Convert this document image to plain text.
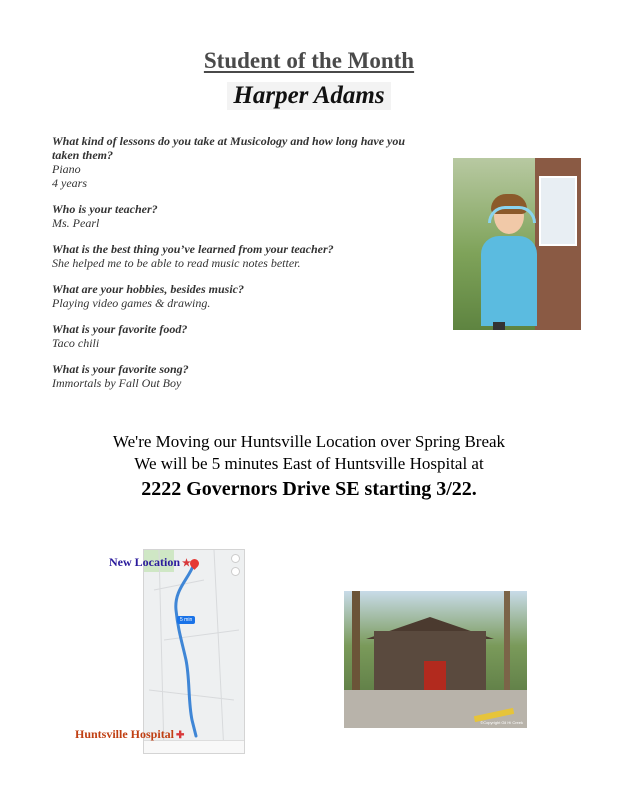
Student of the Month
Harper Adams
What kind of lessons do you take at Musicology and how long have you taken them?
Piano
4 years
Who is your teacher?
Ms. Pearl
What is the best thing you’ve learned from your teacher?
She helped me to be able to read music notes better.
What are your hobbies, besides music?
Playing video games & drawing.
What is your favorite food?
Taco chili
What is your favorite song?
Immortals by Fall Out Boy
We're Moving our Huntsville Location over Spring Break
We will be 5 minutes East of Huntsville Hospital at
2222 Governors Drive SE starting 3/22.
5 min
New Location ★
Huntsville Hospital ✚
©Copyright Gil Hi Creek
